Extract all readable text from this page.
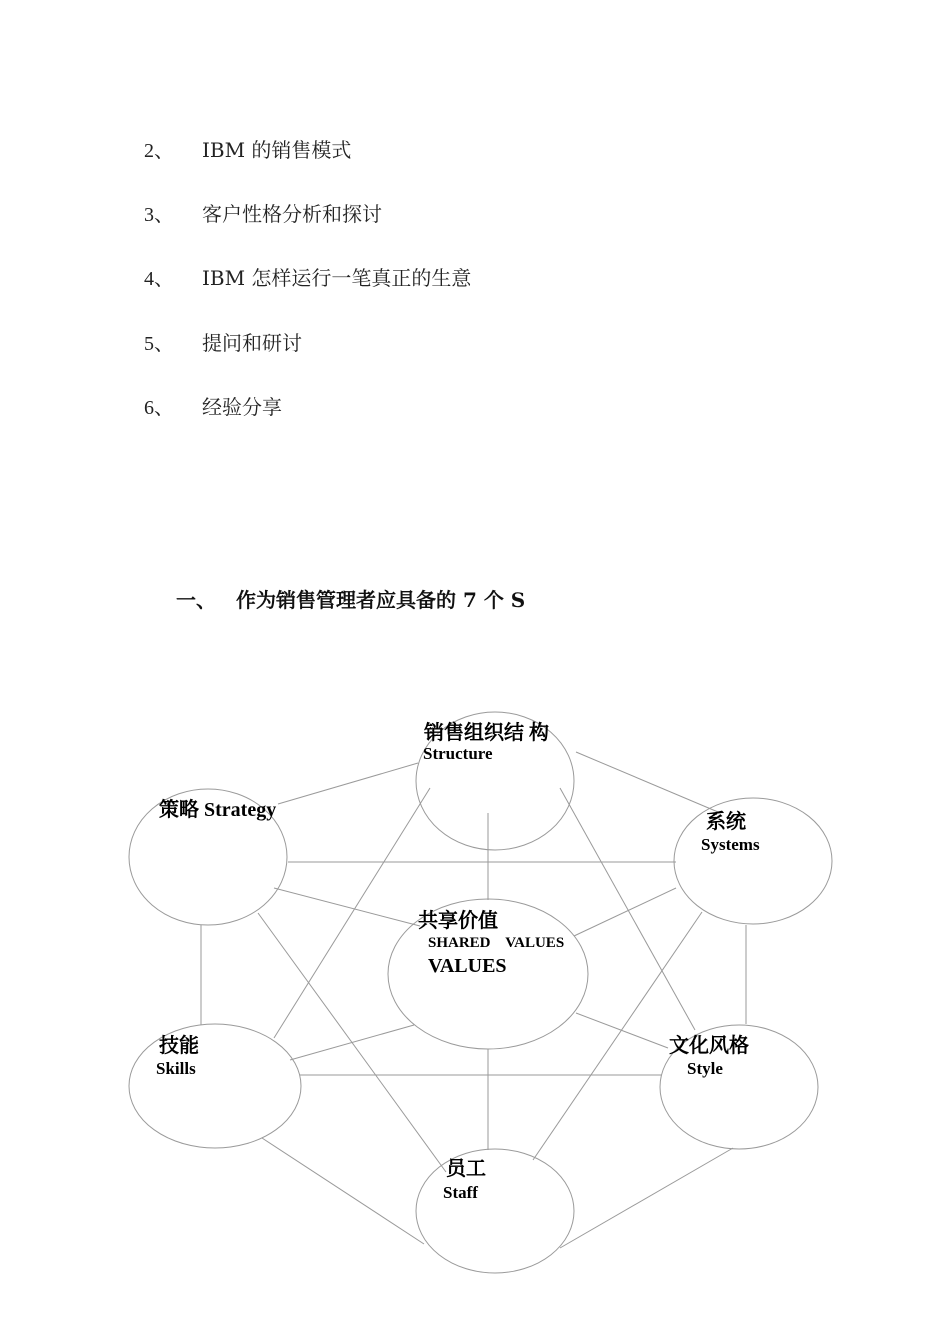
2、 IBM 的销售模式
3、 客户性格分析和探讨
4、 IBM 怎样运行一笔真正的生意
5、 提问和研讨
6、 经验分享
一、 作为销售管理者应具备的 7 个 S
销售组织结 构
Structure
策略 Strategy
系统
Systems
共享价值
SHARED    VALUES
VALUES
技能
Skills
文化风格
Style
员工
Staff
